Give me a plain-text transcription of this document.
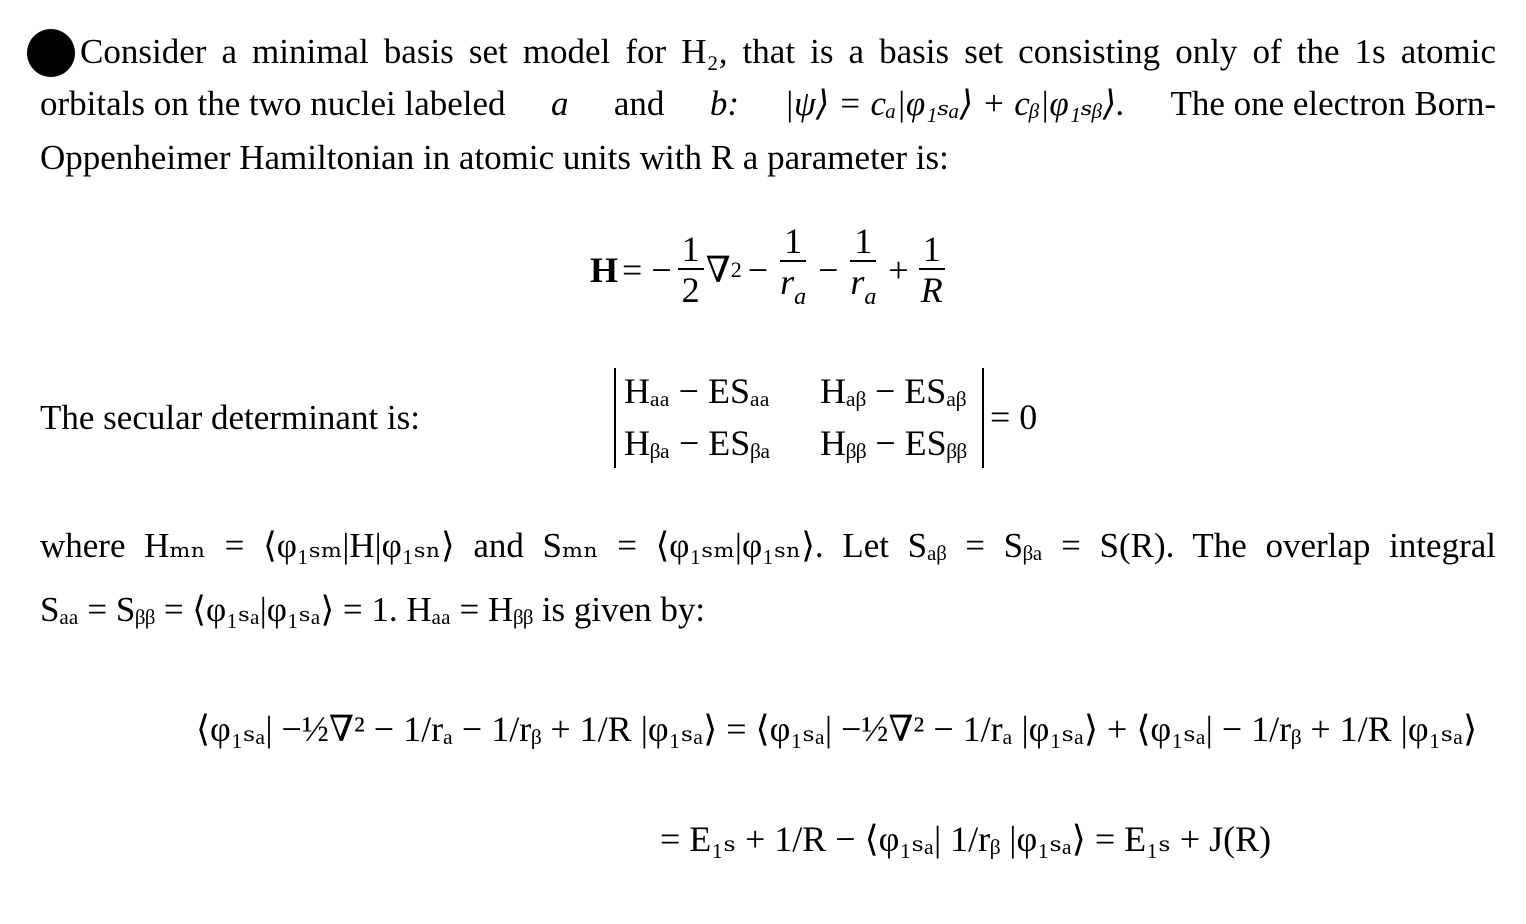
Consider a minimal basis set model for H₂, that is a basis set consisting only of the 1s atomic
orbitals on the two nuclei labeled a and b: |ψ⟩ = cₐ|φ₁ₛₐ⟩ + cᵦ|φ₁ₛᵦ⟩. The one electron Born-
Oppenheimer Hamiltonian in atomic units with R a parameter is:
H = − $\frac{1}{2}$ ∇ $2 - \frac{1}{r_a} - \frac{1}{r_a} + \frac{1}{R}$
The secular determinant is:
Hₐₐ − ESₐₐ Hₐᵦ − ESₐᵦ
Hᵦₐ − ESᵦₐ Hᵦᵦ − ESᵦᵦ
= 0
where Hₘₙ = ⟨φ₁ₛₘ|H|φ₁ₛₙ⟩ and Sₘₙ = ⟨φ₁ₛₘ|φ₁ₛₙ⟩. Let Sₐᵦ = Sᵦₐ = S(R). The overlap integral
Sₐₐ = Sᵦᵦ = ⟨φ₁ₛₐ|φ₁ₛₐ⟩ = 1. Hₐₐ = Hᵦᵦ is given by:
⟨φ₁ₛₐ| −½∇² − 1/rₐ − 1/rᵦ + 1/R |φ₁ₛₐ⟩ = ⟨φ₁ₛₐ| −½∇² − 1/rₐ |φ₁ₛₐ⟩ + ⟨φ₁ₛₐ| − 1/rᵦ + 1/R |φ₁ₛₐ⟩
= E₁ₛ + 1/R − ⟨φ₁ₛₐ| 1/rᵦ |φ₁ₛₐ⟩ = E₁ₛ + J(R)
